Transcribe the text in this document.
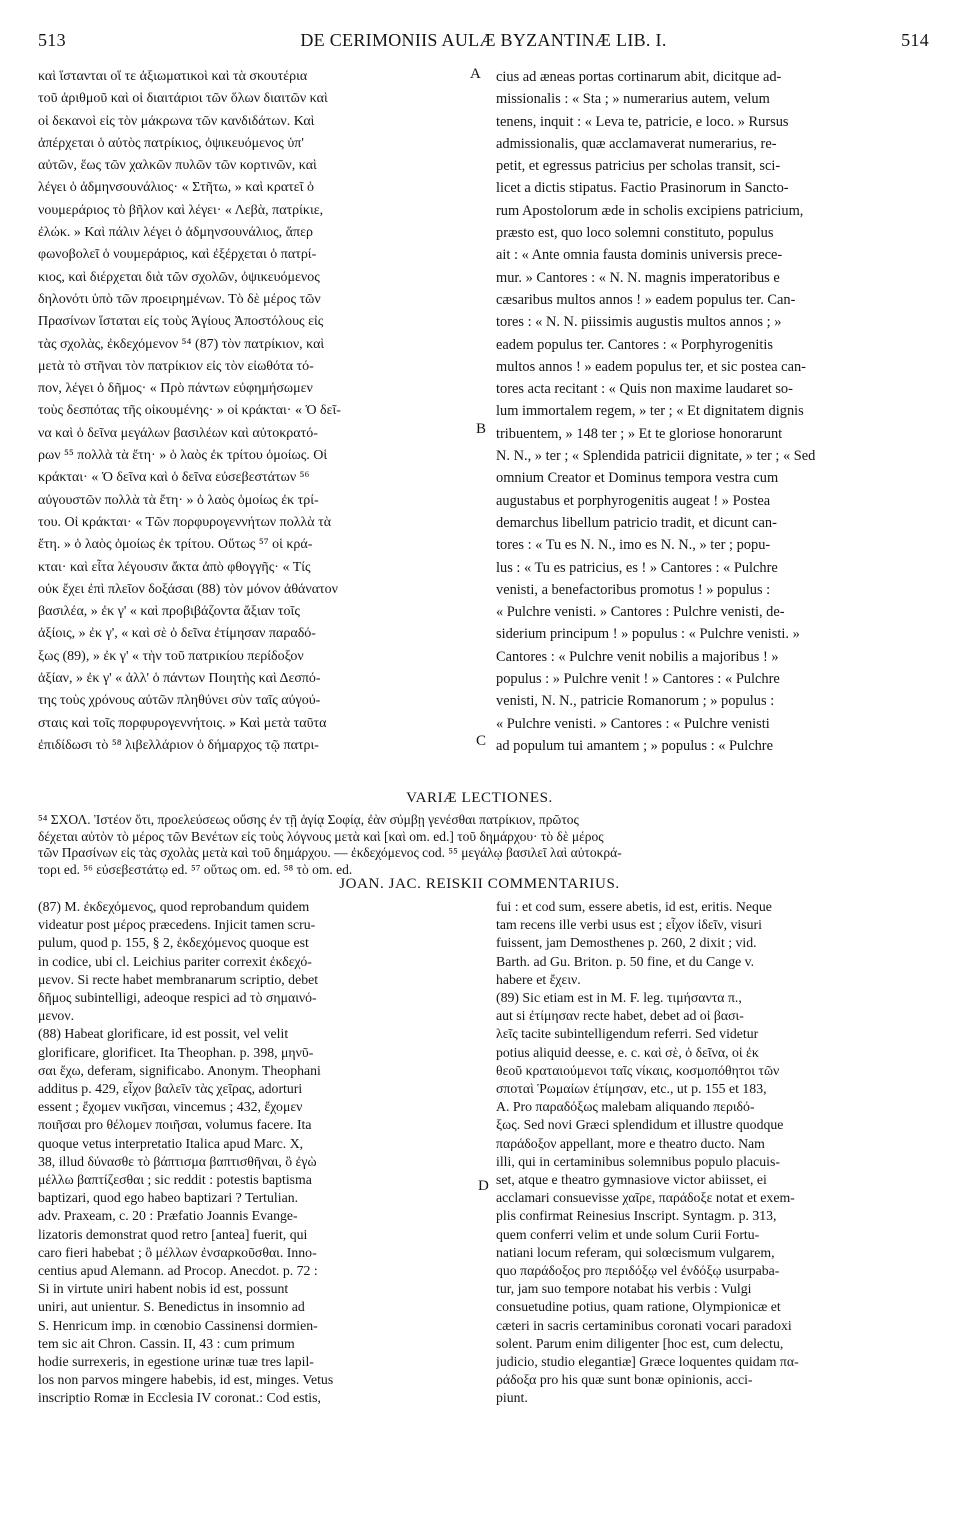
513	DE CERIMONIIS AULÆ BYZANTINÆ LIB. I.	514
καὶ ἵστανται οἵ τε ἀξιωματικοὶ καὶ τὰ σκουτέρια
τοῦ ἀριθμοῦ καὶ οἱ διαιτάριοι τῶν ὅλων διαιτῶν καὶ
οἱ δεκανοὶ εἰς τὸν μάκρωνα τῶν κανδιδάτων. Καὶ
ἀπέρχεται ὁ αὐτὸς πατρίκιος, ὀψικευόμενος ὑπ'
αὐτῶν, ἕως τῶν χαλκῶν πυλῶν τῶν κορτινῶν, καὶ
λέγει ὁ ἀδμηνσουνάλιος· « Στῆτω, » καὶ κρατεῖ ὁ
νουμεράριος τὸ βῆλον καὶ λέγει· « Λεβὰ, πατρίκιε,
ἐλώκ. » Καὶ πάλιν λέγει ὁ ἀδμηνσουνάλιος, ἅπερ
φωνοβολεῖ ὁ νουμεράριος, καὶ ἐξέρχεται ὁ πατρί-
κιος, καὶ διέρχεται διὰ τῶν σχολῶν, ὀψικευόμενος
δηλονότι ὑπὸ τῶν προειρημένων. Τὸ δὲ μέρος τῶν
Πρασίνων ἵσταται εἰς τοὺς Ἁγίους Ἀποστόλους εἰς
τὰς σχολὰς, ἐκδεχόμενον ⁵⁴ (87) τὸν πατρίκιον, καὶ
μετὰ τὸ στῆναι τὸν πατρίκιον εἰς τὸν εἰωθότα τό-
πον, λέγει ὁ δῆμος· « Πρὸ πάντων εὐφημήσωμεν
τοὺς δεσπότας τῆς οἰκουμένης· » οἱ κράκται· « Ὁ δεῖ-
να καὶ ὁ δεῖνα μεγάλων βασιλέων καὶ αὐτοκρατό-
ρων ⁵⁵ πολλὰ τὰ ἔτη· » ὁ λαὸς ἐκ τρίτου ὁμοίως. Οἱ
κράκται· « Ὁ δεῖνα καὶ ὁ δεῖνα εὐσεβεστάτων ⁵⁶
αὐγουστῶν πολλὰ τὰ ἔτη· » ὁ λαὸς ὁμοίως ἐκ τρί-
του. Οἱ κράκται· « Τῶν πορφυρογεννήτων πολλὰ τὰ
ἔτη. » ὁ λαὸς ὁμοίως ἐκ τρίτου. Οὕτως ⁵⁷ οἱ κρά-
κται· καὶ εἶτα λέγουσιν ἄκτα ἀπὸ φθογγῆς· « Τίς
οὐκ ἔχει ἐπὶ πλεῖον δοξάσαι (88) τὸν μόνον ἀθάνατον
βασιλέα, » ἐκ γ' « καὶ προβιβάζοντα ἄξιαν τοῖς
ἀξίοις, » ἐκ γ', « καὶ σὲ ὁ δεῖνα ἐτίμησαν παραδό-
ξως (89), » ἐκ γ' « τὴν τοῦ πατρικίου περίδοξον
ἀξίαν, » ἐκ γ' « ἀλλ' ὁ πάντων Ποιητὴς καὶ Δεσπό-
της τοὺς χρόνους αὐτῶν πληθύνει σὺν ταῖς αὐγού-
σταις καὶ τοῖς πορφυρογεννήτοις. » Καὶ μετὰ ταῦτα
ἐπιδίδωσι τὸ ⁵⁸ λιβελλάριον ὁ δήμαρχος τῷ πατρι-
cius ad æneas portas cortinarum abit, dicitque ad-
missionalis : « Sta ; » numerarius autem, velum
tenens, inquit : « Leva te, patricie, e loco. » Rursus
admissionalis, quæ acclamaverat numerarius, re-
petit, et egressus patricius per scholas transit, sci-
licet a dictis stipatus. Factio Prasinorum in Sancto-
rum Apostolorum æde in scholis excipiens patricium,
præsto est, quo loco solemni constituto, populus
ait : « Ante omnia fausta dominis universis prece-
mur. » Cantores : « N. N. magnis imperatoribus e
cæsaribus multos annos ! » eadem populus ter. Can-
tores : « N. N. piissimis augustis multos annos ; »
eadem populus ter. Cantores : « Porphyrogenitis
multos annos ! » eadem populus ter, et sic postea can-
tores acta recitant : « Quis non maxime laudaret so-
lum immortalem regem, » ter ; « Et dignitatem dignis
tribuentem, » 148 ter ; » Et te gloriose honorarunt
N. N., » ter ; « Splendida patricii dignitate, » ter ; « Sed
omnium Creator et Dominus tempora vestra cum
augustabus et porphyrogenitis augeat ! » Postea
demarchus libellum patricio tradit, et dicunt can-
tores : « Tu es N. N., imo es N. N., » ter ; popu-
lus : « Tu es patricius, es ! » Cantores : « Pulchre
venisti, a benefactoribus promotus ! » populus :
« Pulchre venisti. » Cantores : Pulchre venisti, de-
siderium principum ! » populus : « Pulchre venisti. »
Cantores : « Pulchre venit nobilis a majoribus ! »
populus : » Pulchre venit ! » Cantores : « Pulchre
venisti, N. N., patricie Romanorum ; » populus :
« Pulchre venisti. » Cantores : « Pulchre venisti
ad populum tui amantem ; » populus : « Pulchre
A
B
C
D
VARIÆ LECTIONES.
⁵⁴ ΣΧΟΛ. Ἰστέον ὅτι, προελεύσεως οὔσης ἐν τῇ ἁγίᾳ Σοφίᾳ, ἐὰν σύμβῃ γενέσθαι πατρίκιον, πρῶτος
δέχεται αὐτὸν τὸ μέρος τῶν Βενέτων εἰς τοὺς λόγνους μετὰ καὶ [καὶ om. ed.] τοῦ δημάρχου· τὸ δὲ μέρος
τῶν Πρασίνων εἰς τὰς σχολὰς μετὰ καὶ τοῦ δημάρχου. — ἐκδεχόμενος cod. ⁵⁵ μεγάλῳ βασιλεῖ λαὶ αὐτοκρά-
τορι ed. ⁵⁶ εὐσεβεστάτῳ ed. ⁵⁷ οὕτως om. ed. ⁵⁸ τὸ om. ed.
JOAN. JAC. REISKII COMMENTARIUS.
(87) M. ἐκδεχόμενος, quod reprobandum quidem
videatur post μέρος præcedens. Injicit tamen scru-
pulum, quod p. 155, § 2, ἐκδεχόμενος quoque est
in codice, ubi cl. Leichius pariter correxit ἐκδεχό-
μενον. Si recte habet membranarum scriptio, debet
δῆμος subintelligi, adeoque respici ad τὸ σημαινό-
μενον.
(88) Habeat glorificare, id est possit, vel velit
glorificare, glorificet. Ita Theophan. p. 398, μηνῦ-
σαι ἔχω, deferam, significabo. Anonym. Theophani
additus p. 429, εἶχον βαλεῖν τὰς χεῖρας, adorturi
essent ; ἔχομεν νικῆσαι, vincemus ; 432, ἔχομεν
ποιῆσαι pro θέλομεν ποιῆσαι, volumus facere. Ita
quoque vetus interpretatio Italica apud Marc. X,
38, illud δύνασθε τὸ βάπτισμα βαπτισθῆναι, ὃ ἐγὼ
μέλλω βαπτίζεσθαι ; sic reddit : potestis baptisma
baptizari, quod ego habeo baptizari ? Tertulian.
adv. Praxeam, c. 20 : Præfatio Joannis Evange-
lizatoris demonstrat quod retro [antea] fuerit, qui
caro fieri habebat ; ὃ μέλλων ἐνσαρκοῦσθαι. Inno-
centius apud Alemann. ad Procop. Anecdot. p. 72 :
Si in virtute uniri habent nobis id est, possunt
uniri, aut unientur. S. Benedictus in insomnio ad
S. Henricum imp. in cœnobio Cassinensi dormien-
tem sic ait Chron. Cassin. II, 43 : cum primum
hodie surrexeris, in egestione urinæ tuæ tres lapil-
los non parvos mingere habebis, id est, minges. Vetus
inscriptio Romæ in Ecclesia IV coronat.: Cod estis,
fui : et cod sum, essere abetis, id est, eritis. Neque
tam recens ille verbi usus est ; εἶχον ἰδεῖν, visuri
fuissent, jam Demosthenes p. 260, 2 dixit ; vid.
Barth. ad Gu. Briton. p. 50 fine, et du Cange v.
habere et ἔχειν.
(89) Sic etiam est in M. F. leg. τιμήσαντα π.,
aut si ἐτίμησαν recte habet, debet ad οἱ βασι-
λεῖς tacite subintelligendum referri. Sed videtur
potius aliquid deesse, e. c. καὶ σὲ, ὁ δεῖνα, οἱ ἐκ
θεοῦ κραταιούμενοι ταῖς νίκαις, κοσμοπόθητοι τῶν
σποταὶ Ῥωμαίων ἐτίμησαν, etc., ut p. 155 et 183,
A. Pro παραδόξως malebam aliquando περιδό-
ξως. Sed novi Græci splendidum et illustre quodque
παράδοξον appellant, more e theatro ducto. Nam
illi, qui in certaminibus solemnibus populo placuis-
set, atque e theatro gymnasiove victor abiisset, ei
acclamari consuevisse χαῖρε, παράδοξε notat et exem-
plis confirmat Reinesius Inscript. Syntagm. p. 313,
quem conferri velim et unde solum Curii Fortu-
natiani locum referam, qui solœcismum vulgarem,
quo παράδοξος pro περιδόξῳ vel ἐνδόξῳ usurpaba-
tur, jam suo tempore notabat his verbis : Vulgi
consuetudine potius, quam ratione, Olympionicæ et
cæteri in sacris certaminibus coronati vocari paradoxi
solent. Parum enim diligenter [hoc est, cum delectu,
judicio, studio elegantiæ] Græce loquentes quidam πα-
ράδοξα pro his quæ sunt bonæ opinionis, acci-
piunt.
